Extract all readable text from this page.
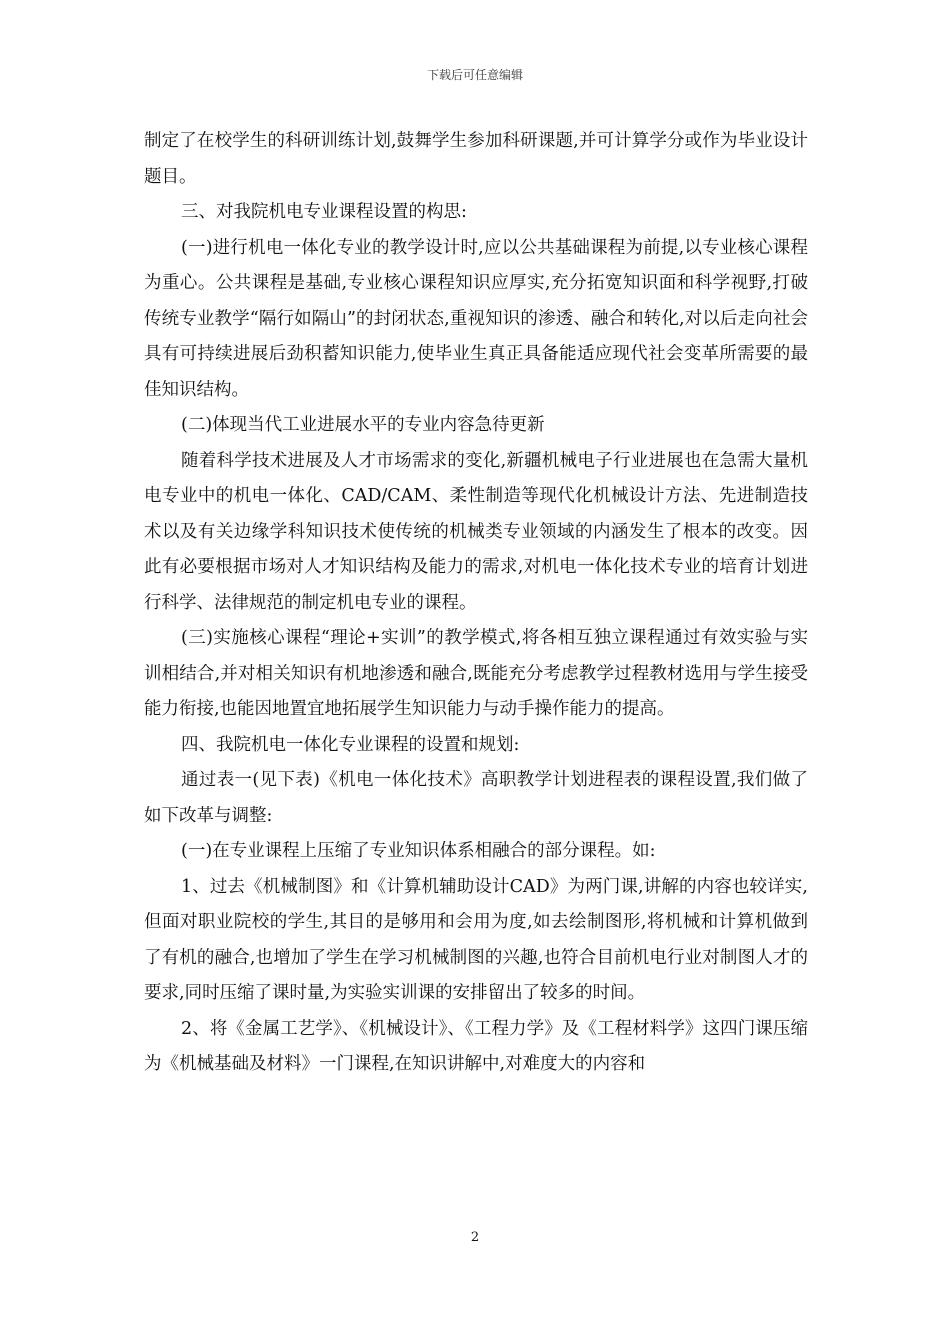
下载后可任意编辑

制定了在校学生的科研训练计划,鼓舞学生参加科研课题,并可计算学分或作为毕业设计题目。

三、对我院机电专业课程设置的构思:

(一)进行机电一体化专业的教学设计时,应以公共基础课程为前提,以专业核心课程为重心。公共课程是基础,专业核心课程知识应厚实,充分拓宽知识面和科学视野,打破传统专业教学“隔行如隔山”的封闭状态,重视知识的渗透、融合和转化,对以后走向社会具有可持续进展后劲积蓄知识能力,使毕业生真正具备能适应现代社会变革所需要的最佳知识结构。

(二)体现当代工业进展水平的专业内容急待更新

随着科学技术进展及人才市场需求的变化,新疆机械电子行业进展也在急需大量机电专业中的机电一体化、CAD/CAM、柔性制造等现代化机械设计方法、先进制造技术以及有关边缘学科知识技术使传统的机械类专业领域的内涵发生了根本的改变。因此有必要根据市场对人才知识结构及能力的需求,对机电一体化技术专业的培育计划进行科学、法律规范的制定机电专业的课程。

(三)实施核心课程“理论+实训”的教学模式,将各相互独立课程通过有效实验与实训相结合,并对相关知识有机地渗透和融合,既能充分考虑教学过程教材选用与学生接受能力衔接,也能因地置宜地拓展学生知识能力与动手操作能力的提高。

四、我院机电一体化专业课程的设置和规划:

通过表一(见下表)《机电一体化技术》高职教学计划进程表的课程设置,我们做了如下改革与调整:

(一)在专业课程上压缩了专业知识体系相融合的部分课程。如:

1、过去《机械制图》和《计算机辅助设计CAD》为两门课,讲解的内容也较详实,但面对职业院校的学生,其目的是够用和会用为度,如去绘制图形,将机械和计算机做到了有机的融合,也增加了学生在学习机械制图的兴趣,也符合目前机电行业对制图人才的要求,同时压缩了课时量,为实验实训课的安排留出了较多的时间。

2、将《金属工艺学》、《机械设计》、《工程力学》及《工程材料学》这四门课压缩为《机械基础及材料》一门课程,在知识讲解中,对难度大的内容和

2
